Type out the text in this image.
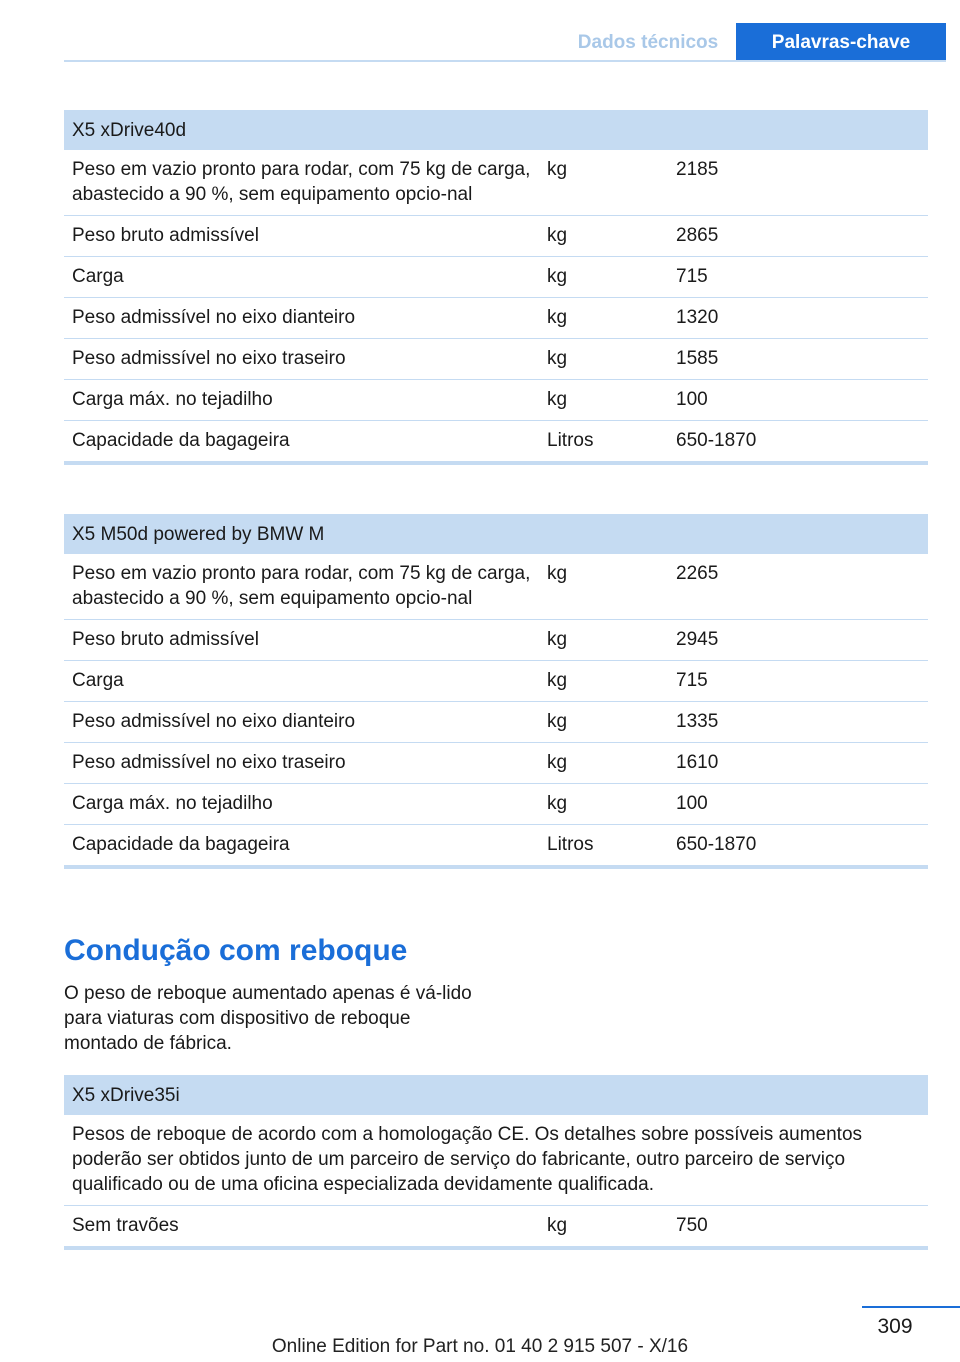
Dados técnicos	Palavras-chave
X5 xDrive40d		
Peso em vazio pronto para rodar, com 75 kg de carga, abastecido a 90 %, sem equipamento opcio-nal	kg	2185
Peso bruto admissível	kg	2865
Carga	kg	715
Peso admissível no eixo dianteiro	kg	1320
Peso admissível no eixo traseiro	kg	1585
Carga máx. no tejadilho	kg	100
Capacidade da bagageira	Litros	650-1870
X5 M50d powered by BMW M		
Peso em vazio pronto para rodar, com 75 kg de carga, abastecido a 90 %, sem equipamento opcio-nal	kg	2265
Peso bruto admissível	kg	2945
Carga	kg	715
Peso admissível no eixo dianteiro	kg	1335
Peso admissível no eixo traseiro	kg	1610
Carga máx. no tejadilho	kg	100
Capacidade da bagageira	Litros	650-1870
Condução com reboque

O peso de reboque aumentado apenas é vá-lido para viaturas com dispositivo de reboque montado de fábrica.

X5 xDrive35i
Pesos de reboque de acordo com a homologação CE. Os detalhes sobre possíveis aumentos poderão ser obtidos junto de um parceiro de serviço do fabricante, outro parceiro de serviço qualificado ou de uma oficina especializada devidamente qualificada.
Sem travões	kg	750
309
Online Edition for Part no. 01 40 2 915 507 - X/16
